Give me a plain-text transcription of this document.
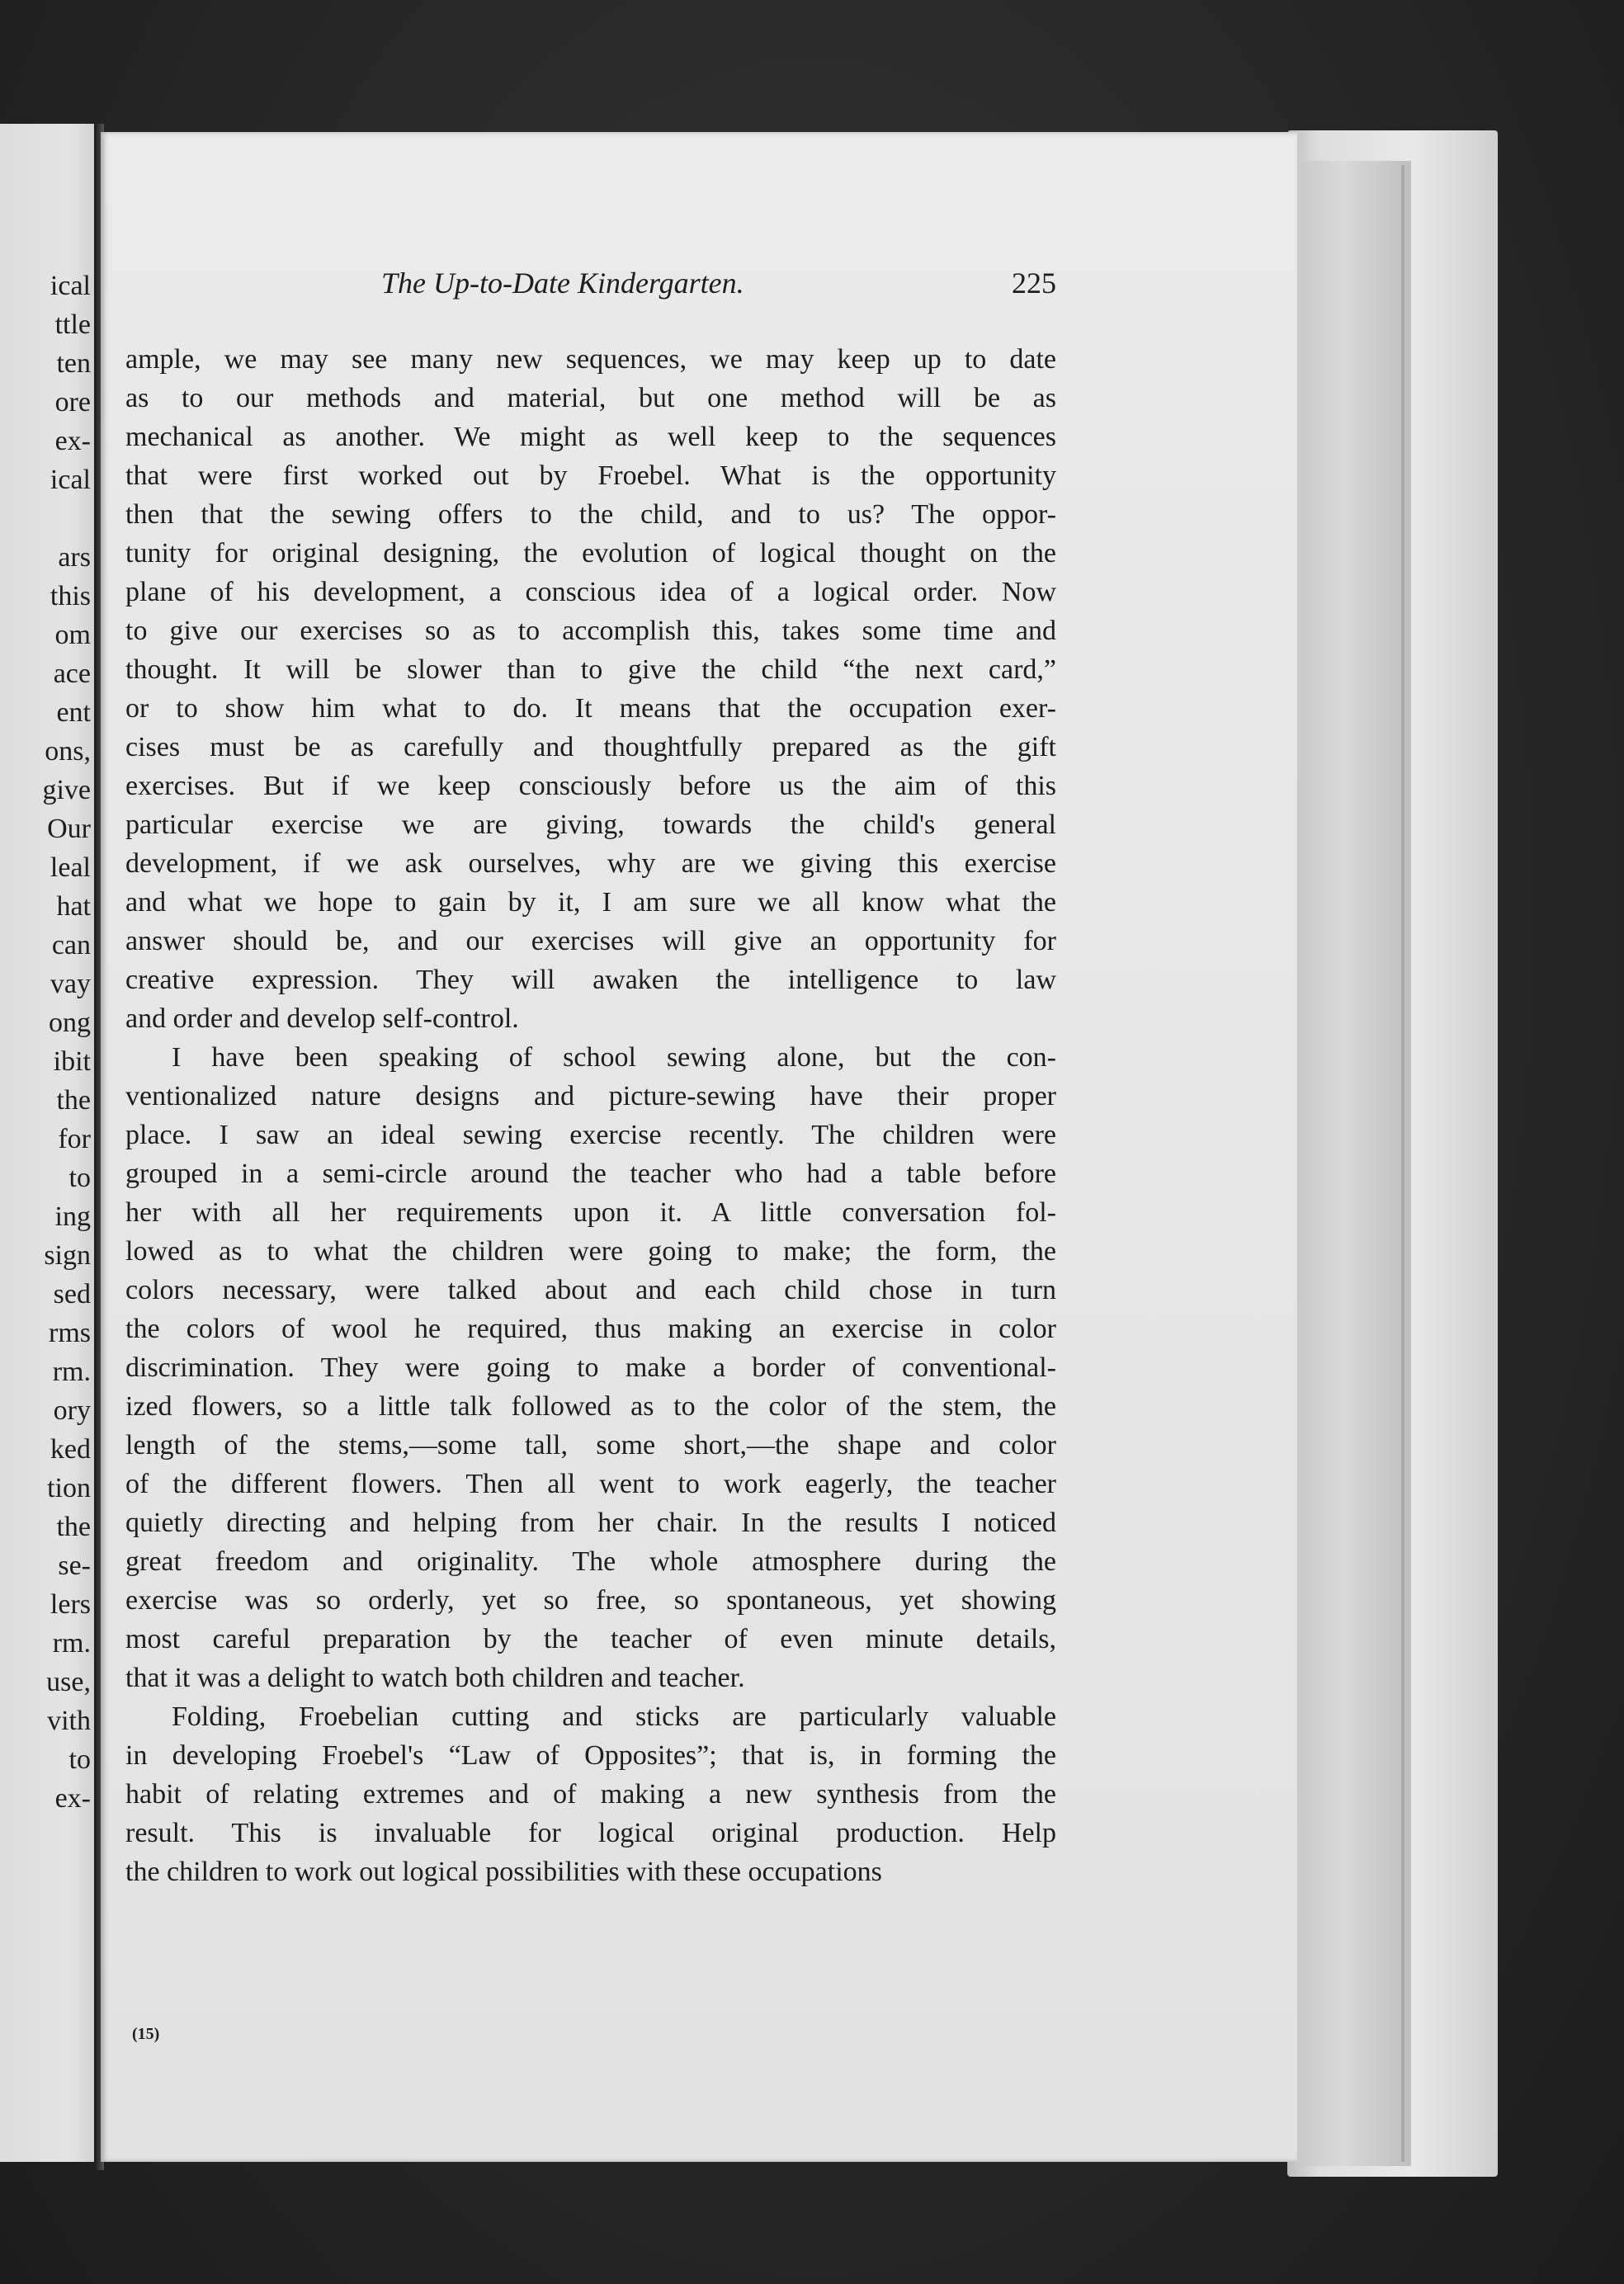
ical
ttle
ten
ore
ex-
ical
ars
this
om
ace
ent
ons,
give
Our
leal
hat
can
vay
ong
ibit
the
for
to
ing
sign
sed
rms
rm.
ory
ked
tion
the
se-
lers
rm.
use,
vith
to
ex-
The Up-to-Date Kindergarten.	225
ample, we may see many new sequences, we may keep up to date
as to our methods and material, but one method will be as
mechanical as another. We might as well keep to the sequences
that were first worked out by Froebel. What is the opportunity
then that the sewing offers to the child, and to us? The oppor-
tunity for original designing, the evolution of logical thought on the
plane of his development, a conscious idea of a logical order. Now
to give our exercises so as to accomplish this, takes some time and
thought. It will be slower than to give the child “the next card,”
or to show him what to do. It means that the occupation exer-
cises must be as carefully and thoughtfully prepared as the gift
exercises. But if we keep consciously before us the aim of this
particular exercise we are giving, towards the child's general
development, if we ask ourselves, why are we giving this exercise
and what we hope to gain by it, I am sure we all know what the
answer should be, and our exercises will give an opportunity for
creative expression. They will awaken the intelligence to law
and order and develop self-control.
I have been speaking of school sewing alone, but the con-
ventionalized nature designs and picture-sewing have their proper
place. I saw an ideal sewing exercise recently. The children were
grouped in a semi-circle around the teacher who had a table before
her with all her requirements upon it. A little conversation fol-
lowed as to what the children were going to make; the form, the
colors necessary, were talked about and each child chose in turn
the colors of wool he required, thus making an exercise in color
discrimination. They were going to make a border of conventional-
ized flowers, so a little talk followed as to the color of the stem, the
length of the stems,—some tall, some short,—the shape and color
of the different flowers. Then all went to work eagerly, the teacher
quietly directing and helping from her chair. In the results I noticed
great freedom and originality. The whole atmosphere during the
exercise was so orderly, yet so free, so spontaneous, yet showing
most careful preparation by the teacher of even minute details,
that it was a delight to watch both children and teacher.
Folding, Froebelian cutting and sticks are particularly valuable
in developing Froebel's “Law of Opposites”; that is, in forming the
habit of relating extremes and of making a new synthesis from the
result. This is invaluable for logical original production. Help
the children to work out logical possibilities with these occupations
(15)
